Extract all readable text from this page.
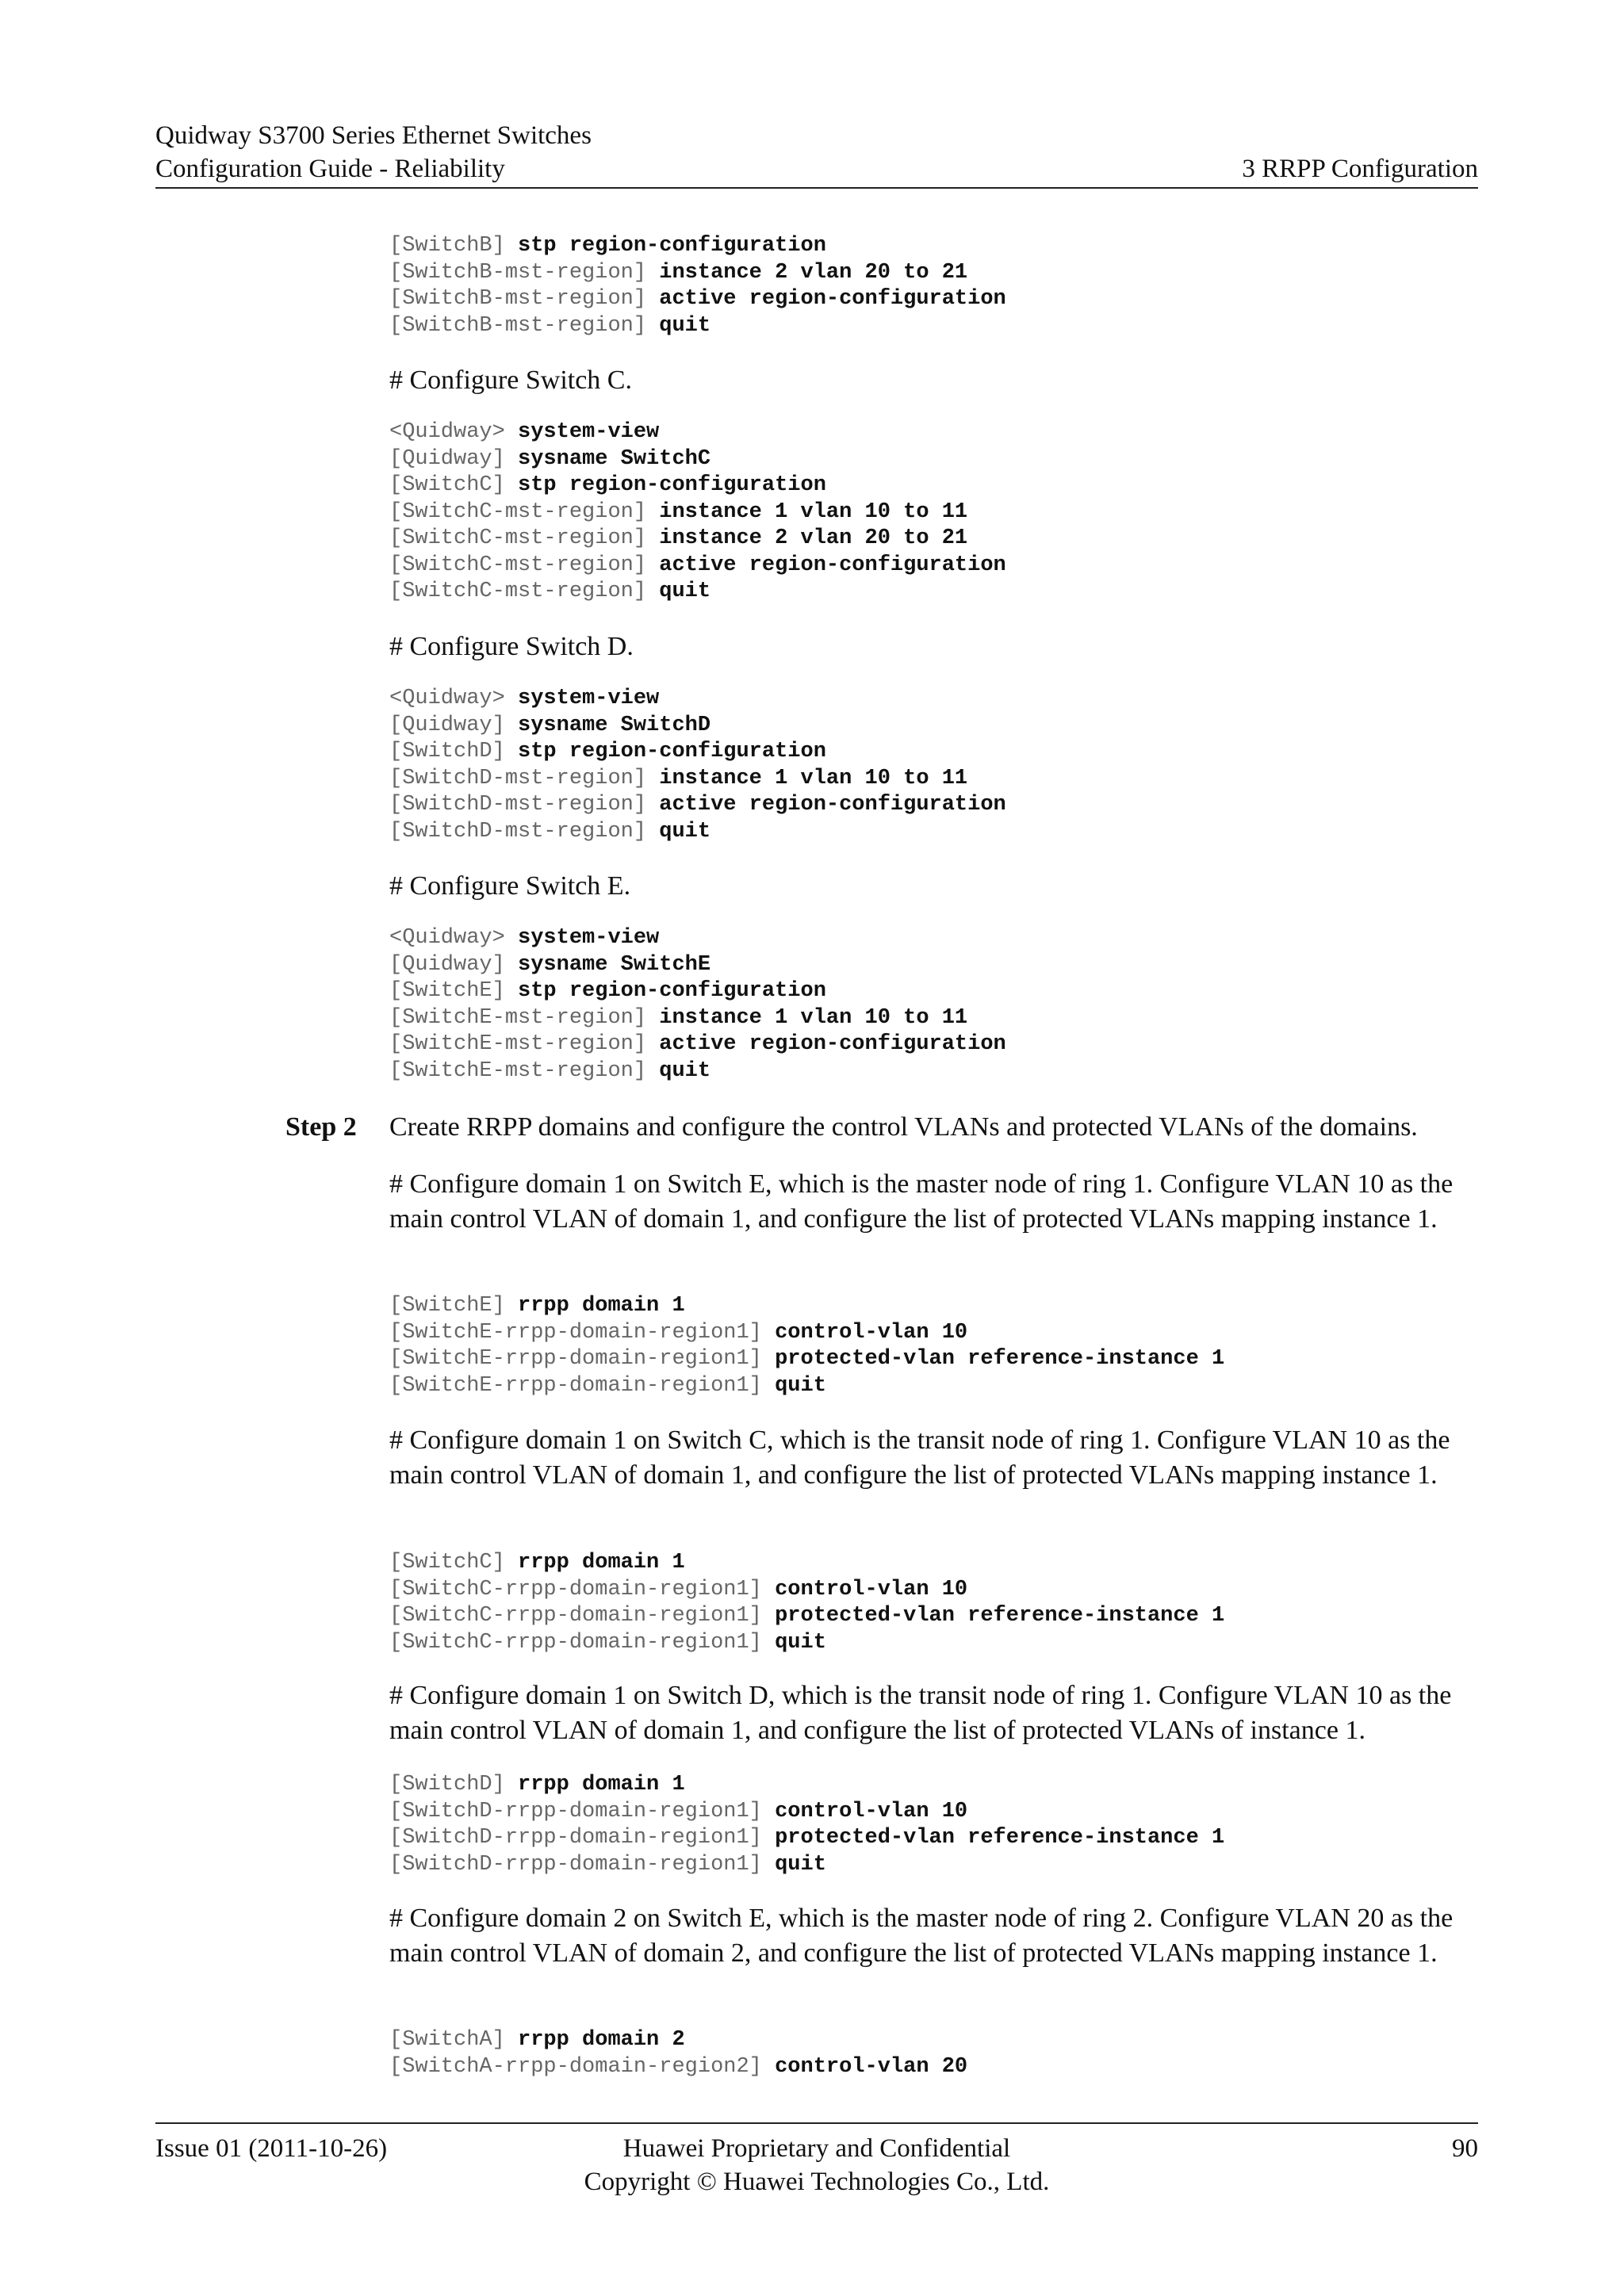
Quidway S3700 Series Ethernet Switches
Configuration Guide - Reliability	3 RRPP Configuration
[SwitchB] stp region-configuration
[SwitchB-mst-region] instance 2 vlan 20 to 21
[SwitchB-mst-region] active region-configuration
[SwitchB-mst-region] quit
# Configure Switch C.
<Quidway> system-view
[Quidway] sysname SwitchC
[SwitchC] stp region-configuration
[SwitchC-mst-region] instance 1 vlan 10 to 11
[SwitchC-mst-region] instance 2 vlan 20 to 21
[SwitchC-mst-region] active region-configuration
[SwitchC-mst-region] quit
# Configure Switch D.
<Quidway> system-view
[Quidway] sysname SwitchD
[SwitchD] stp region-configuration
[SwitchD-mst-region] instance 1 vlan 10 to 11
[SwitchD-mst-region] active region-configuration
[SwitchD-mst-region] quit
# Configure Switch E.
<Quidway> system-view
[Quidway] sysname SwitchE
[SwitchE] stp region-configuration
[SwitchE-mst-region] instance 1 vlan 10 to 11
[SwitchE-mst-region] active region-configuration
[SwitchE-mst-region] quit
Step 2 Create RRPP domains and configure the control VLANs and protected VLANs of the domains.
# Configure domain 1 on Switch E, which is the master node of ring 1. Configure VLAN 10 as the main control VLAN of domain 1, and configure the list of protected VLANs mapping instance 1.
[SwitchE] rrpp domain 1
[SwitchE-rrpp-domain-region1] control-vlan 10
[SwitchE-rrpp-domain-region1] protected-vlan reference-instance 1
[SwitchE-rrpp-domain-region1] quit
# Configure domain 1 on Switch C, which is the transit node of ring 1. Configure VLAN 10 as the main control VLAN of domain 1, and configure the list of protected VLANs mapping instance 1.
[SwitchC] rrpp domain 1
[SwitchC-rrpp-domain-region1] control-vlan 10
[SwitchC-rrpp-domain-region1] protected-vlan reference-instance 1
[SwitchC-rrpp-domain-region1] quit
# Configure domain 1 on Switch D, which is the transit node of ring 1. Configure VLAN 10 as the main control VLAN of domain 1, and configure the list of protected VLANs of instance 1.
[SwitchD] rrpp domain 1
[SwitchD-rrpp-domain-region1] control-vlan 10
[SwitchD-rrpp-domain-region1] protected-vlan reference-instance 1
[SwitchD-rrpp-domain-region1] quit
# Configure domain 2 on Switch E, which is the master node of ring 2. Configure VLAN 20 as the main control VLAN of domain 2, and configure the list of protected VLANs mapping instance 1.
[SwitchA] rrpp domain 2
[SwitchA-rrpp-domain-region2] control-vlan 20
Issue 01 (2011-10-26)	Huawei Proprietary and Confidential
Copyright © Huawei Technologies Co., Ltd.
90
